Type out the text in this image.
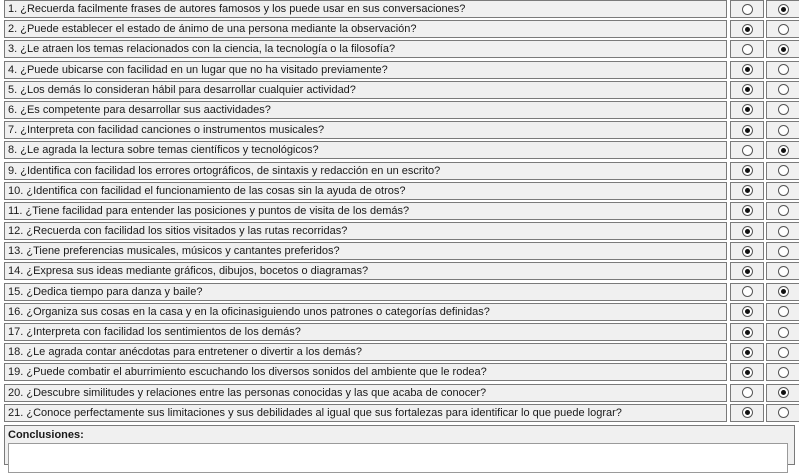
1. ¿Recuerda facilmente frases de autores famosos y los puede usar en sus conversaciones?
2. ¿Puede establecer el estado de ánimo de una persona mediante la observación?
3. ¿Le atraen los temas relacionados con la ciencia, la tecnología o la filosofía?
4. ¿Puede ubicarse con facilidad en un lugar que no ha visitado previamente?
5. ¿Los demás lo consideran hábil para desarrollar cualquier actividad?
6. ¿Es competente para desarrollar sus aactividades?
7. ¿Interpreta con facilidad canciones o instrumentos musicales?
8. ¿Le agrada la lectura sobre temas científicos y tecnológicos?
9. ¿Identifica con facilidad los errores ortográficos, de sintaxis y redacción en un escrito?
10. ¿Identifica con facilidad el funcionamiento de las cosas sin la ayuda de otros?
11. ¿Tiene facilidad para entender las posiciones y puntos de visita de los demás?
12. ¿Recuerda con facilidad los sitios visitados y las rutas recorridas?
13. ¿Tiene preferencias musicales, músicos y cantantes preferidos?
14. ¿Expresa sus ideas mediante gráficos, dibujos, bocetos o diagramas?
15. ¿Dedica tiempo para danza y baile?
16. ¿Organiza sus cosas en la casa y en la oficinasiguiendo unos patrones o categorías definidas?
17. ¿Interpreta con facilidad los sentimientos de los demás?
18. ¿Le agrada contar anécdotas para entretener o divertir a los demás?
19. ¿Puede combatir el aburrimiento escuchando los diversos sonidos del ambiente que le rodea?
20. ¿Descubre similitudes y relaciones entre las personas conocidas y las que acaba de conocer?
21. ¿Conoce perfectamente sus limitaciones y sus debilidades al igual que sus fortalezas para identificar lo que puede lograr?
Conclusiones:
